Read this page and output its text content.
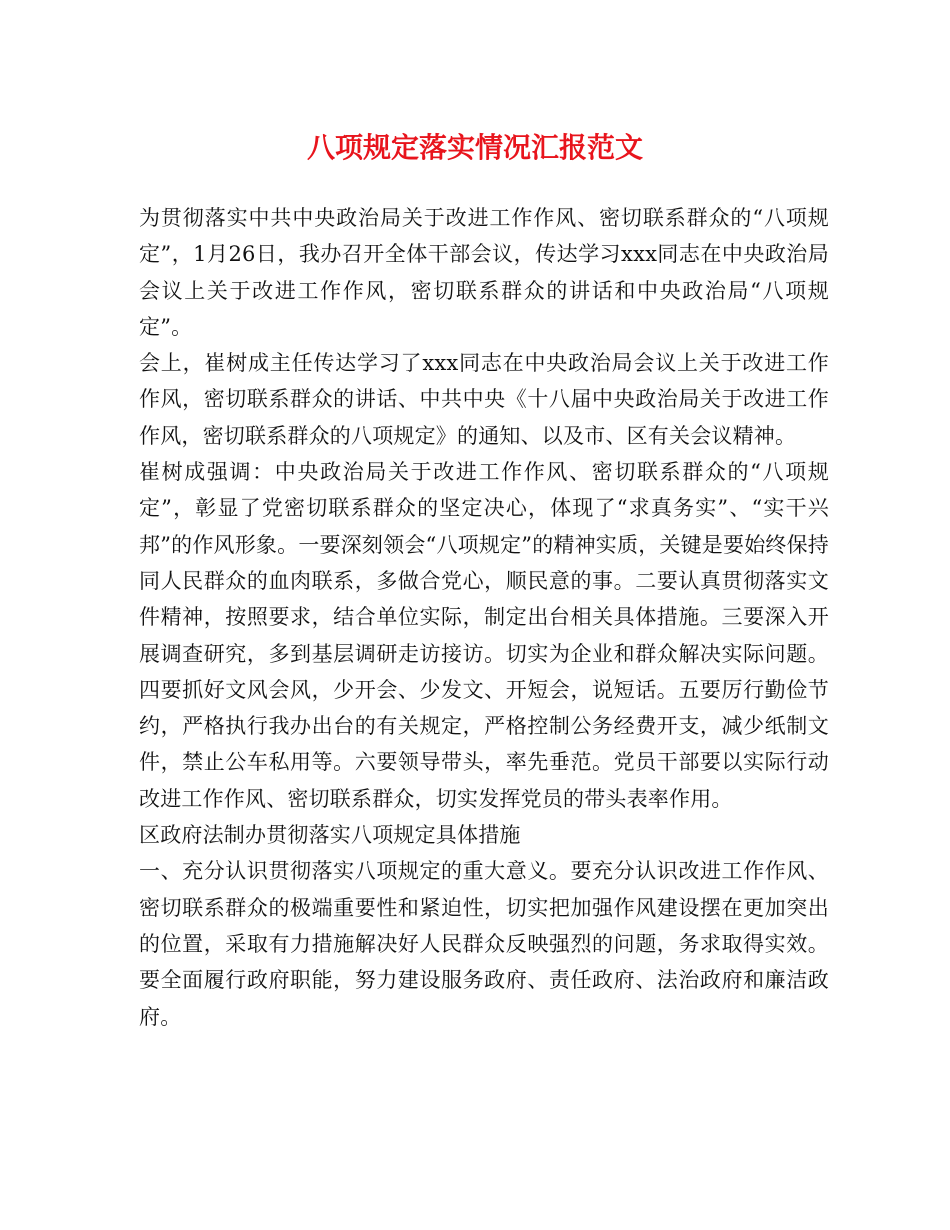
八项规定落实情况汇报范文

为贯彻落实中共中央政治局关于改进工作作风、密切联系群众的“八项规定”，1月26日，我办召开全体干部会议，传达学习xxx同志在中央政治局会议上关于改进工作作风，密切联系群众的讲话和中央政治局“八项规定”。

会上，崔树成主任传达学习了xxx同志在中央政治局会议上关于改进工作作风，密切联系群众的讲话、中共中央《十八届中央政治局关于改进工作作风，密切联系群众的八项规定》的通知、以及市、区有关会议精神。

崔树成强调：中央政治局关于改进工作作风、密切联系群众的“八项规定”，彰显了党密切联系群众的坚定决心，体现了“求真务实”、“实干兴邦”的作风形象。一要深刻领会“八项规定”的精神实质，关键是要始终保持同人民群众的血肉联系，多做合党心，顺民意的事。二要认真贯彻落实文件精神，按照要求，结合单位实际，制定出台相关具体措施。三要深入开展调查研究，多到基层调研走访接访。切实为企业和群众解决实际问题。四要抓好文风会风，少开会、少发文、开短会，说短话。五要厉行勤俭节约，严格执行我办出台的有关规定，严格控制公务经费开支，减少纸制文件，禁止公车私用等。六要领导带头，率先垂范。党员干部要以实际行动改进工作作风、密切联系群众，切实发挥党员的带头表率作用。

区政府法制办贯彻落实八项规定具体措施

一、充分认识贯彻落实八项规定的重大意义。要充分认识改进工作作风、密切联系群众的极端重要性和紧迫性，切实把加强作风建设摆在更加突出的位置，采取有力措施解决好人民群众反映强烈的问题，务求取得实效。要全面履行政府职能，努力建设服务政府、责任政府、法治政府和廉洁政府。
